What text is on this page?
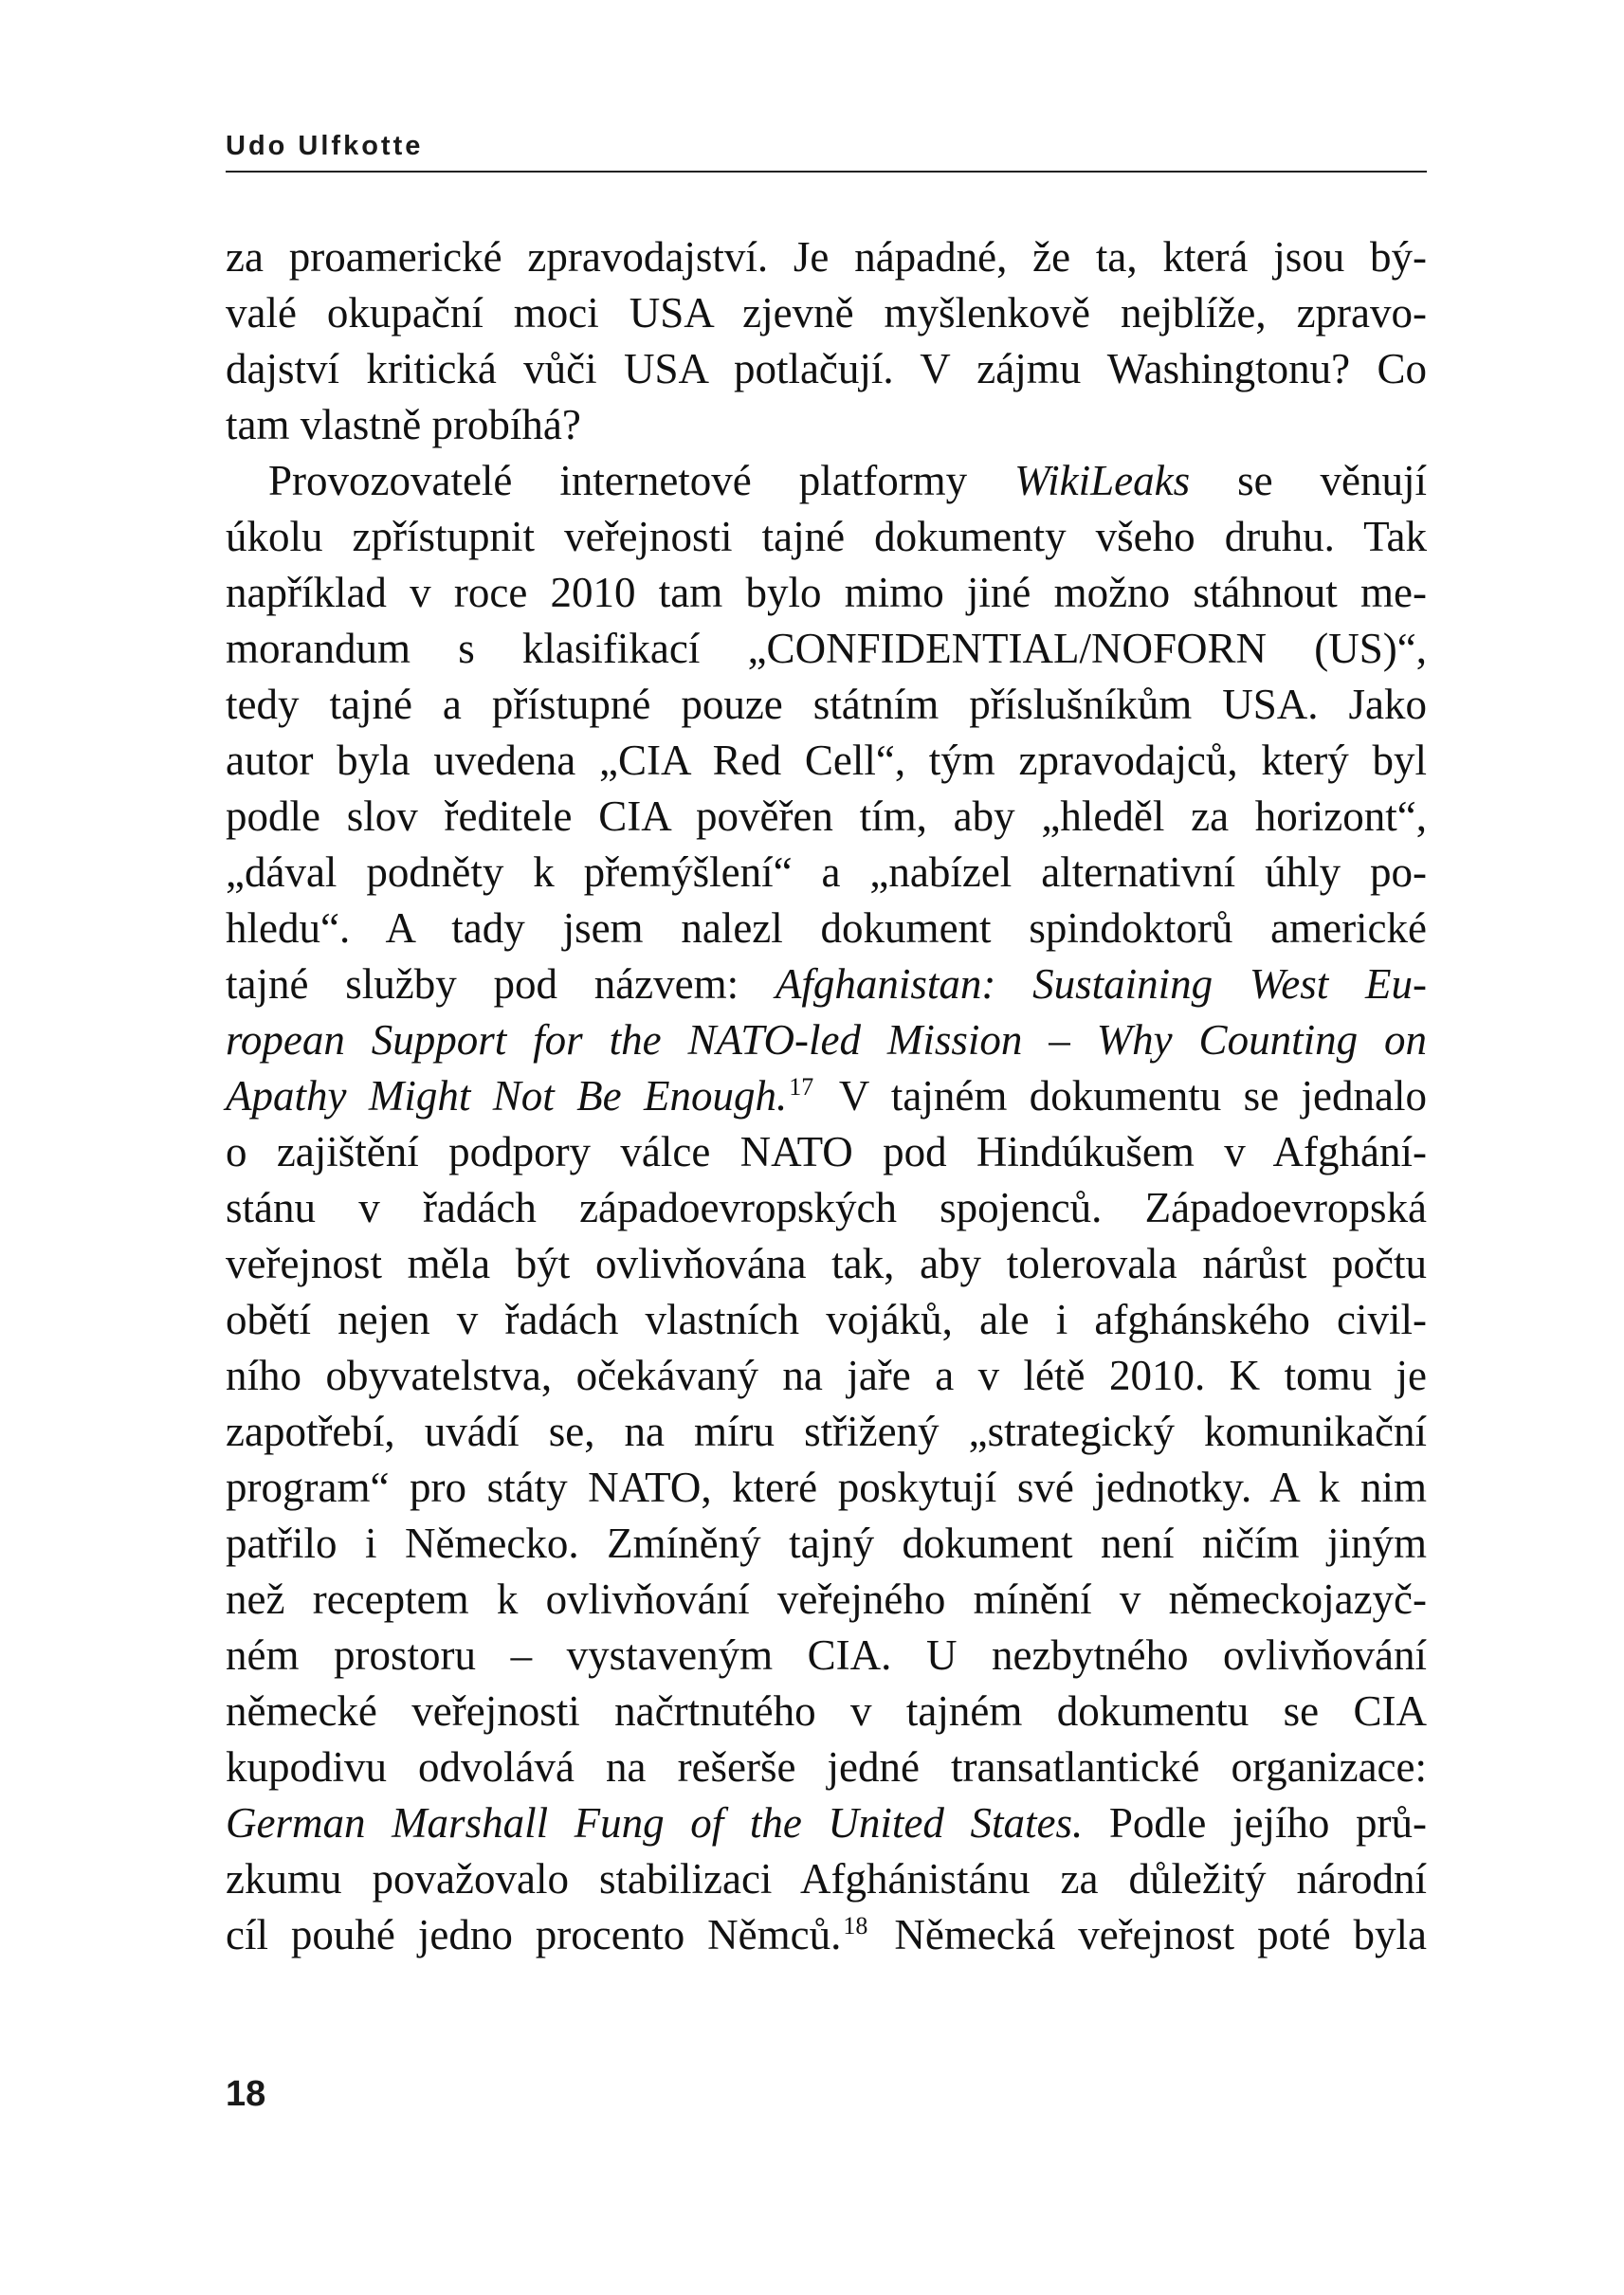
Udo Ulfkotte
za proamerické zpravodajství. Je nápadné, že ta, která jsou bý-
valé okupační moci USA zjevně myšlenkově nejblíže, zpravo-
dajství kritická vůči USA potlačují. V zájmu Washingtonu? Co
tam vlastně probíhá?
Provozovatelé internetové platformy WikiLeaks se věnují
úkolu zpřístupnit veřejnosti tajné dokumenty všeho druhu. Tak
například v roce 2010 tam bylo mimo jiné možno stáhnout me-
morandum s klasifikací „CONFIDENTIAL/NOFORN (US)“,
tedy tajné a přístupné pouze státním příslušníkům USA. Jako
autor byla uvedena „CIA Red Cell“, tým zpravodajců, který byl
podle slov ředitele CIA pověřen tím, aby „hleděl za horizont“,
„dával podněty k přemýšlení“ a „nabízel alternativní úhly po-
hledu“. A tady jsem nalezl dokument spindoktorů americké
tajné služby pod názvem: Afghanistan: Sustaining West Eu-
ropean Support for the NATO-led Mission – Why Counting on
Apathy Might Not Be Enough.$^{17}$ V tajném dokumentu se jednalo
o zajištění podpory válce NATO pod Hindúkušem v Afghání-
stánu v řadách západoevropských spojenců. Západoevropská
veřejnost měla být ovlivňována tak, aby tolerovala nárůst počtu
obětí nejen v řadách vlastních vojáků, ale i afghánského civil-
ního obyvatelstva, očekávaný na jaře a v létě 2010. K tomu je
zapotřebí, uvádí se, na míru střižený „strategický komunikační
program“ pro státy NATO, které poskytují své jednotky. A k nim
patřilo i Německo. Zmíněný tajný dokument není ničím jiným
než receptem k ovlivňování veřejného mínění v německojazyč-
ném prostoru – vystaveným CIA. U nezbytného ovlivňování
německé veřejnosti načrtnutého v tajném dokumentu se CIA
kupodivu odvolává na rešerše jedné transatlantické organizace:
German Marshall Fung of the United States. Podle jejího prů-
zkumu považovalo stabilizaci Afghánistánu za důležitý národní
cíl pouhé jedno procento Němců.$^{18}$ Německá veřejnost poté byla
18
